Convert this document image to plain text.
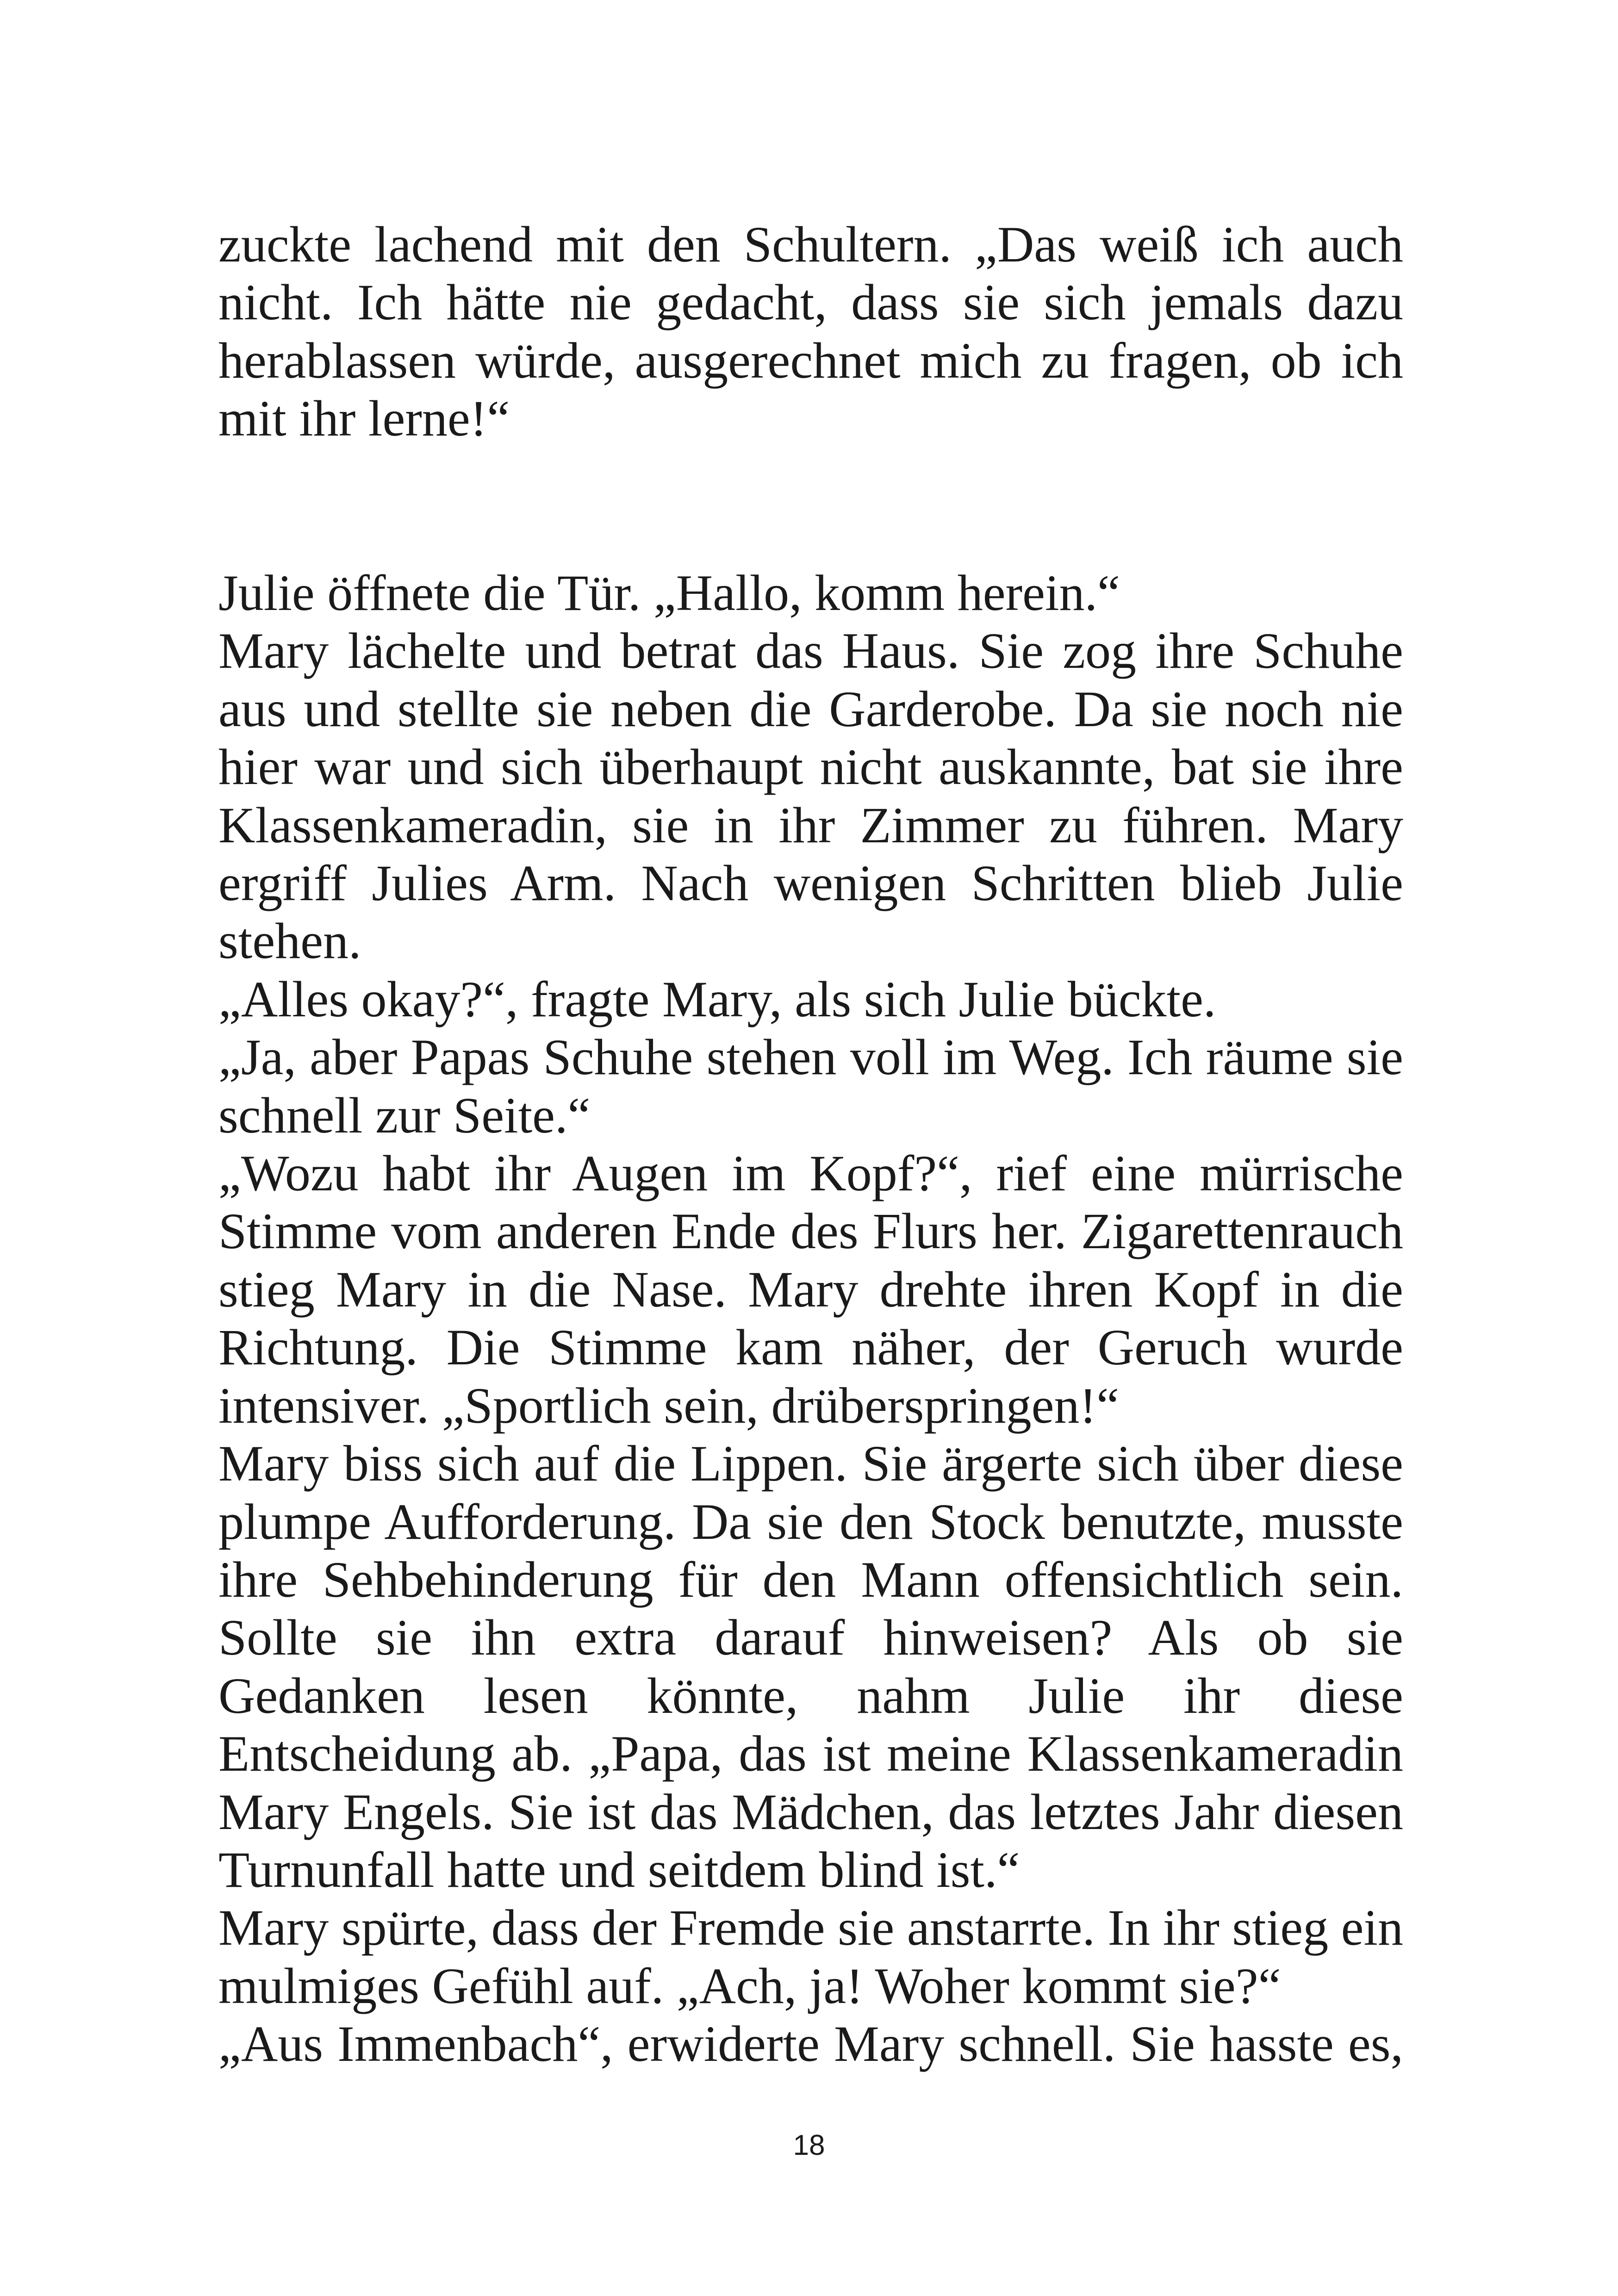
zuckte lachend mit den Schultern. „Das weiß ich auch nicht. Ich hätte nie gedacht, dass sie sich jemals dazu herablassen würde, ausgerechnet mich zu fragen, ob ich mit ihr lerne!“

Julie öffnete die Tür. „Hallo, komm herein.“

Mary lächelte und betrat das Haus. Sie zog ihre Schuhe aus und stellte sie neben die Garderobe. Da sie noch nie hier war und sich überhaupt nicht auskannte, bat sie ihre Klassenkameradin, sie in ihr Zimmer zu führen. Mary ergriff Julies Arm. Nach wenigen Schritten blieb Julie stehen.

„Alles okay?“, fragte Mary, als sich Julie bückte.

„Ja, aber Papas Schuhe stehen voll im Weg. Ich räume sie schnell zur Seite.“

„Wozu habt ihr Augen im Kopf?“, rief eine mürrische Stimme vom anderen Ende des Flurs her. Zigarettenrauch stieg Mary in die Nase. Mary drehte ihren Kopf in die Richtung. Die Stimme kam näher, der Geruch wurde intensiver. „Sportlich sein, drüberspringen!“

Mary biss sich auf die Lippen. Sie ärgerte sich über diese plumpe Aufforderung. Da sie den Stock benutzte, musste ihre Sehbehinderung für den Mann offensichtlich sein. Sollte sie ihn extra darauf hinweisen? Als ob sie Gedanken lesen könnte, nahm Julie ihr diese Entscheidung ab. „Papa, das ist meine Klassenkameradin Mary Engels. Sie ist das Mädchen, das letztes Jahr diesen Turnunfall hatte und seitdem blind ist.“

Mary spürte, dass der Fremde sie anstarrte. In ihr stieg ein mulmiges Gefühl auf. „Ach, ja! Woher kommt sie?“

„Aus Immenbach“, erwiderte Mary schnell. Sie hasste es,

18
